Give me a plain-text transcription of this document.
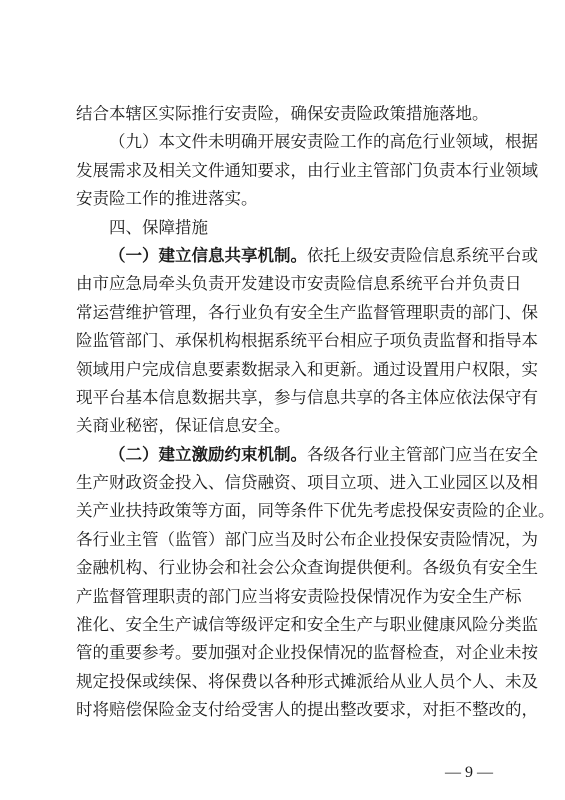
结合本辖区实际推行安责险，确保安责险政策措施落地。
（九）本文件未明确开展安责险工作的高危行业领域，根据
发展需求及相关文件通知要求，由行业主管部门负责本行业领域
安责险工作的推进落实。
四、保障措施
（一）建立信息共享机制。依托上级安责险信息系统平台或
由市应急局牵头负责开发建设市安责险信息系统平台并负责日
常运营维护管理，各行业负有安全生产监督管理职责的部门、保
险监管部门、承保机构根据系统平台相应子项负责监督和指导本
领域用户完成信息要素数据录入和更新。通过设置用户权限，实
现平台基本信息数据共享，参与信息共享的各主体应依法保守有
关商业秘密，保证信息安全。
（二）建立激励约束机制。各级各行业主管部门应当在安全
生产财政资金投入、信贷融资、项目立项、进入工业园区以及相
关产业扶持政策等方面，同等条件下优先考虑投保安责险的企业。
各行业主管（监管）部门应当及时公布企业投保安责险情况，为
金融机构、行业协会和社会公众查询提供便利。各级负有安全生
产监督管理职责的部门应当将安责险投保情况作为安全生产标
准化、安全生产诚信等级评定和安全生产与职业健康风险分类监
管的重要参考。要加强对企业投保情况的监督检查，对企业未按
规定投保或续保、将保费以各种形式摊派给从业人员个人、未及
时将赔偿保险金支付给受害人的提出整改要求，对拒不整改的，
— 9 —
